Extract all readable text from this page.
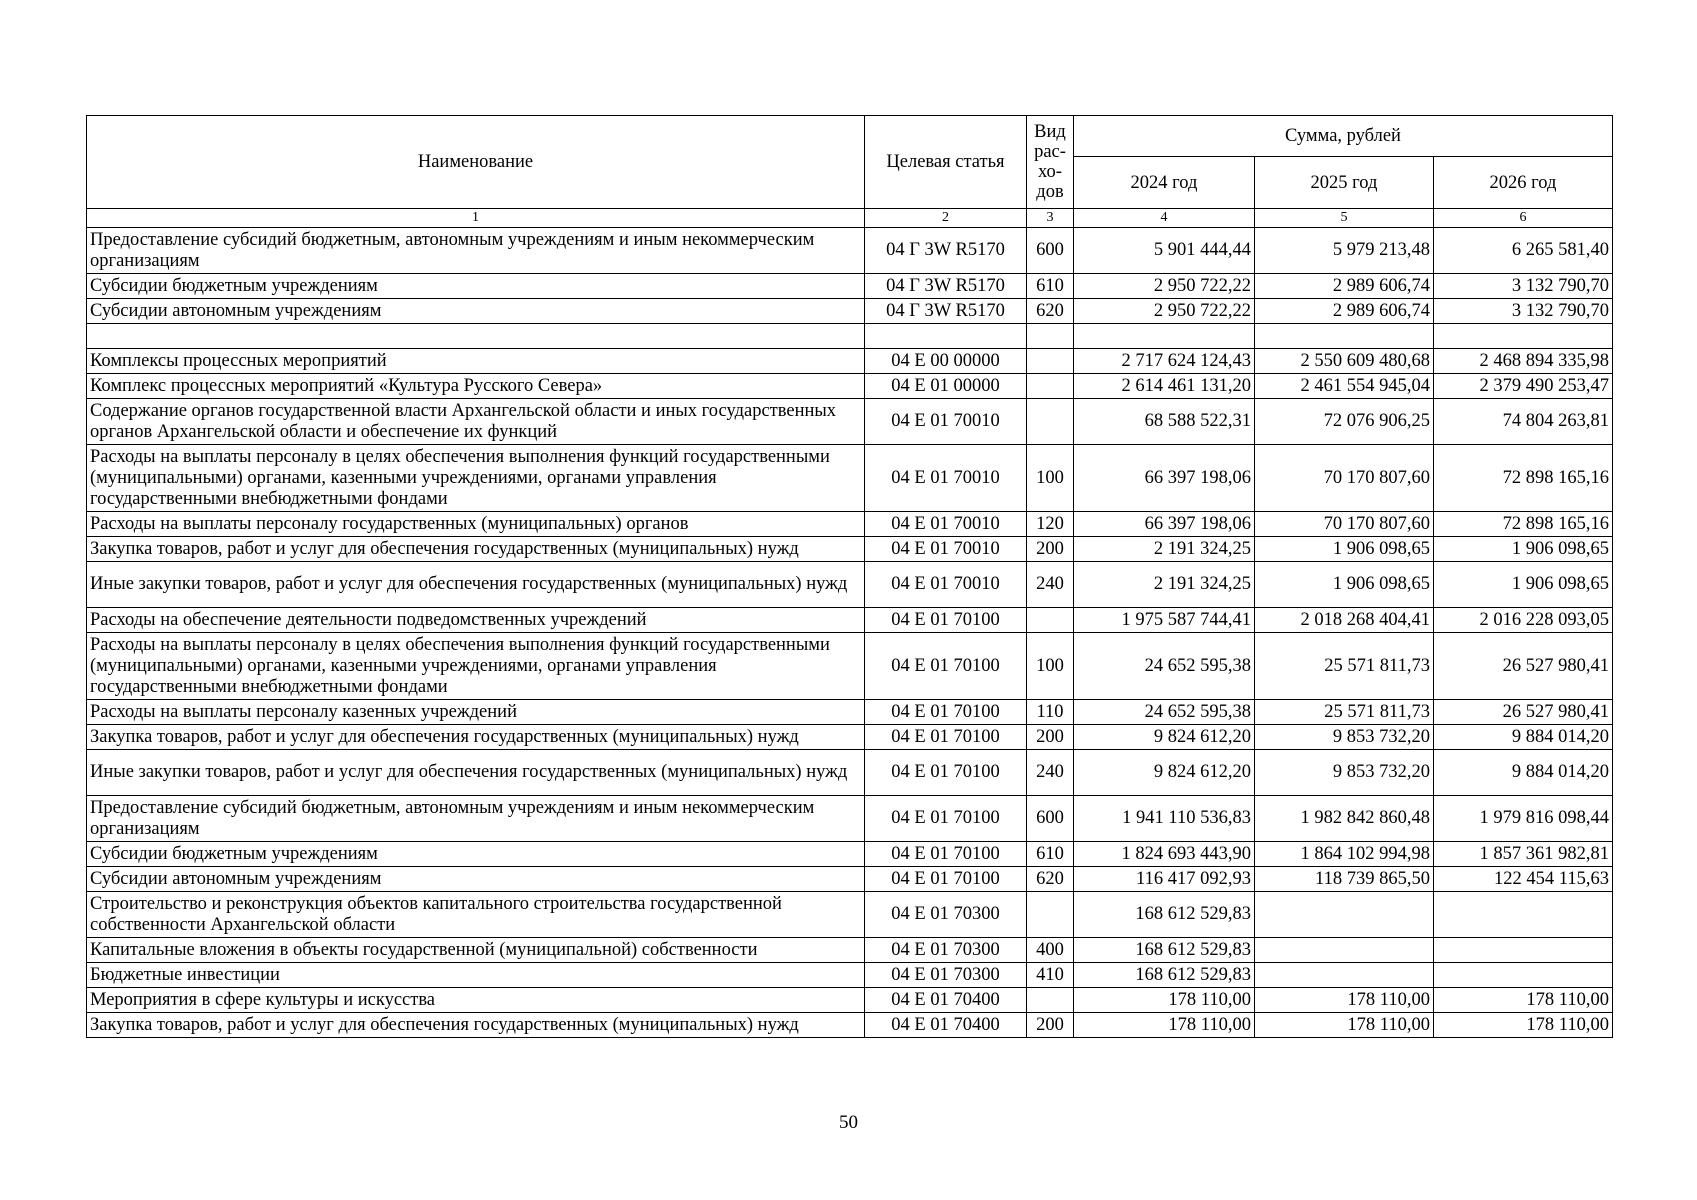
Наименование	Целевая статья	Вид
рас-
хо-
дов	Сумма, рублей		
			2024 год	2025 год	2026 год
1	2	3	4	5	6
Предоставление субсидий бюджетным, автономным учреждениям и иным некоммерческим организациям	04 Г 3W R5170	600	5 901 444,44	5 979 213,48	6 265 581,40
Субсидии бюджетным учреждениям	04 Г 3W R5170	610	2 950 722,22	2 989 606,74	3 132 790,70
Субсидии автономным учреждениям	04 Г 3W R5170	620	2 950 722,22	2 989 606,74	3 132 790,70

Комплексы процессных мероприятий	04 Е 00 00000		2 717 624 124,43	2 550 609 480,68	2 468 894 335,98
Комплекс процессных мероприятий «Культура Русского Севера»	04 Е 01 00000		2 614 461 131,20	2 461 554 945,04	2 379 490 253,47
Содержание органов государственной власти Архангельской области и иных государственных органов Архангельской области и обеспечение их функций	04 Е 01 70010		68 588 522,31	72 076 906,25	74 804 263,81
Расходы на выплаты персоналу в целях обеспечения выполнения функций государственными (муниципальными) органами, казенными учреждениями, органами управления государственными внебюджетными фондами	04 Е 01 70010	100	66 397 198,06	70 170 807,60	72 898 165,16
Расходы на выплаты персоналу государственных (муниципальных) органов	04 Е 01 70010	120	66 397 198,06	70 170 807,60	72 898 165,16
Закупка товаров, работ и услуг для обеспечения государственных (муниципальных) нужд	04 Е 01 70010	200	2 191 324,25	1 906 098,65	1 906 098,65
Иные закупки товаров, работ и услуг для обеспечения государственных (муниципальных) нужд	04 Е 01 70010	240	2 191 324,25	1 906 098,65	1 906 098,65
Расходы на обеспечение деятельности подведомственных учреждений	04 Е 01 70100		1 975 587 744,41	2 018 268 404,41	2 016 228 093,05
Расходы на выплаты персоналу в целях обеспечения выполнения функций государственными (муниципальными) органами, казенными учреждениями, органами управления государственными внебюджетными фондами	04 Е 01 70100	100	24 652 595,38	25 571 811,73	26 527 980,41
Расходы на выплаты персоналу казенных учреждений	04 Е 01 70100	110	24 652 595,38	25 571 811,73	26 527 980,41
Закупка товаров, работ и услуг для обеспечения государственных (муниципальных) нужд	04 Е 01 70100	200	9 824 612,20	9 853 732,20	9 884 014,20
Иные закупки товаров, работ и услуг для обеспечения государственных (муниципальных) нужд	04 Е 01 70100	240	9 824 612,20	9 853 732,20	9 884 014,20
Предоставление субсидий бюджетным, автономным учреждениям и иным некоммерческим организациям	04 Е 01 70100	600	1 941 110 536,83	1 982 842 860,48	1 979 816 098,44
Субсидии бюджетным учреждениям	04 Е 01 70100	610	1 824 693 443,90	1 864 102 994,98	1 857 361 982,81
Субсидии автономным учреждениям	04 Е 01 70100	620	116 417 092,93	118 739 865,50	122 454 115,63
Строительство и реконструкция объектов капитального строительства государственной собственности Архангельской области	04 Е 01 70300		168 612 529,83		
Капитальные вложения в объекты государственной (муниципальной) собственности	04 Е 01 70300	400	168 612 529,83		
Бюджетные инвестиции	04 Е 01 70300	410	168 612 529,83		
Мероприятия в сфере культуры и искусства	04 Е 01 70400		178 110,00	178 110,00	178 110,00
Закупка товаров, работ и услуг для обеспечения государственных (муниципальных) нужд	04 Е 01 70400	200	178 110,00	178 110,00	178 110,00
50
